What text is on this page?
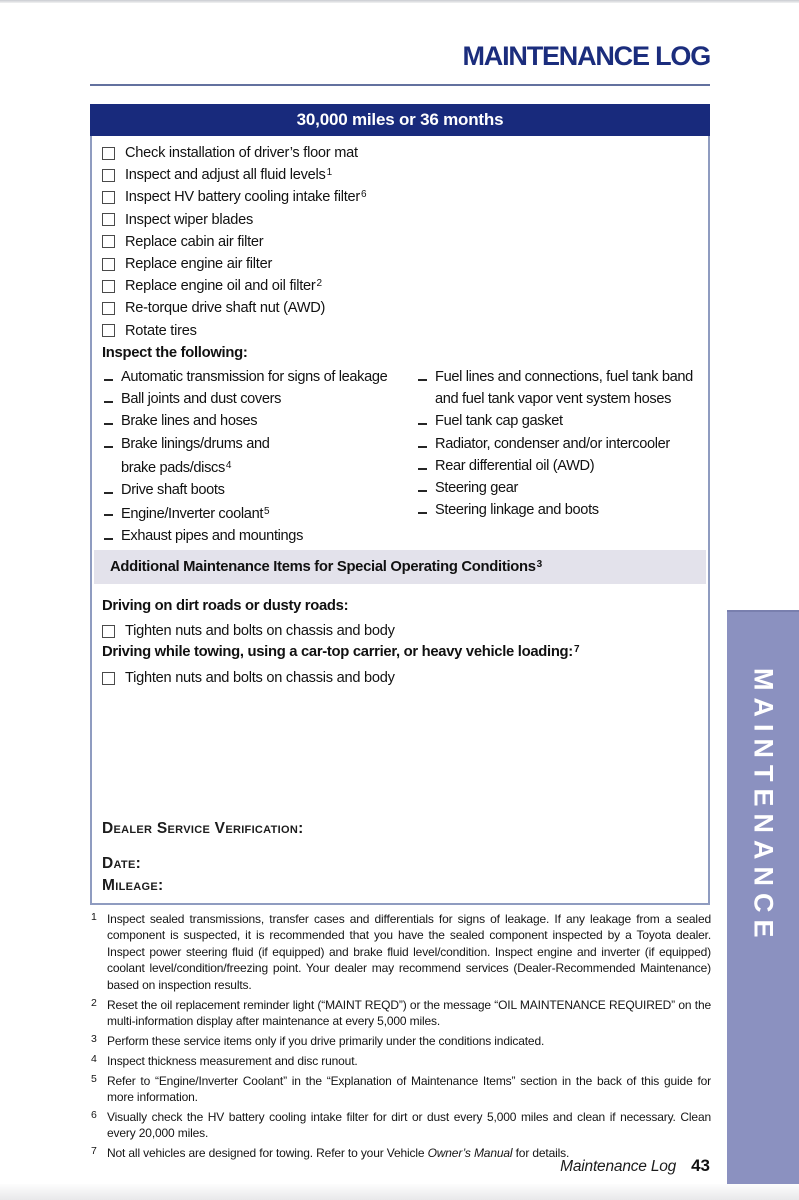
MAINTENANCE LOG
30,000 miles or 36 months
Check installation of driver’s floor mat
Inspect and adjust all fluid levels$^1$
Inspect HV battery cooling intake filter$^6$
Inspect wiper blades
Replace cabin air filter
Replace engine air filter
Replace engine oil and oil filter$^2$
Re-torque drive shaft nut (AWD)
Rotate tires
Inspect the following:
Automatic transmission for signs of leakage
Ball joints and dust covers
Brake lines and hoses
Brake linings/drums and
brake pads/discs$^4$
Drive shaft boots
Engine/Inverter coolant$^5$
Exhaust pipes and mountings
Fuel lines and connections, fuel tank band
and fuel tank vapor vent system hoses
Fuel tank cap gasket
Radiator, condenser and/or intercooler
Rear differential oil (AWD)
Steering gear
Steering linkage and boots
Additional Maintenance Items for Special Operating Conditions$^3$
Driving on dirt roads or dusty roads:
Tighten nuts and bolts on chassis and body
Driving while towing, using a car-top carrier, or heavy vehicle loading:$^7$
Tighten nuts and bolts on chassis and body
Dealer Service Verification:
Date:
Mileage:
1 Inspect sealed transmissions, transfer cases and differentials for signs of leakage. If any leakage from a sealed component is suspected, it is recommended that you have the sealed component inspected by a Toyota dealer. Inspect power steering fluid (if equipped) and brake fluid level/condition. Inspect engine and inverter (if equipped) coolant level/condition/freezing point. Your dealer may recommend services (Dealer-Recommended Maintenance) based on inspection results.
2 Reset the oil replacement reminder light (“MAINT REQD”) or the message “OIL MAINTENANCE REQUIRED” on the multi-information display after maintenance at every 5,000 miles.
3 Perform these service items only if you drive primarily under the conditions indicated.
4 Inspect thickness measurement and disc runout.
5 Refer to “Engine/Inverter Coolant” in the “Explanation of Maintenance Items” section in the back of this guide for more information.
6 Visually check the HV battery cooling intake filter for dirt or dust every 5,000 miles and clean if necessary. Clean every 20,000 miles.
7 Not all vehicles are designed for towing. Refer to your Vehicle Owner’s Manual for details.
Maintenance Log 43
MAINTENANCE
